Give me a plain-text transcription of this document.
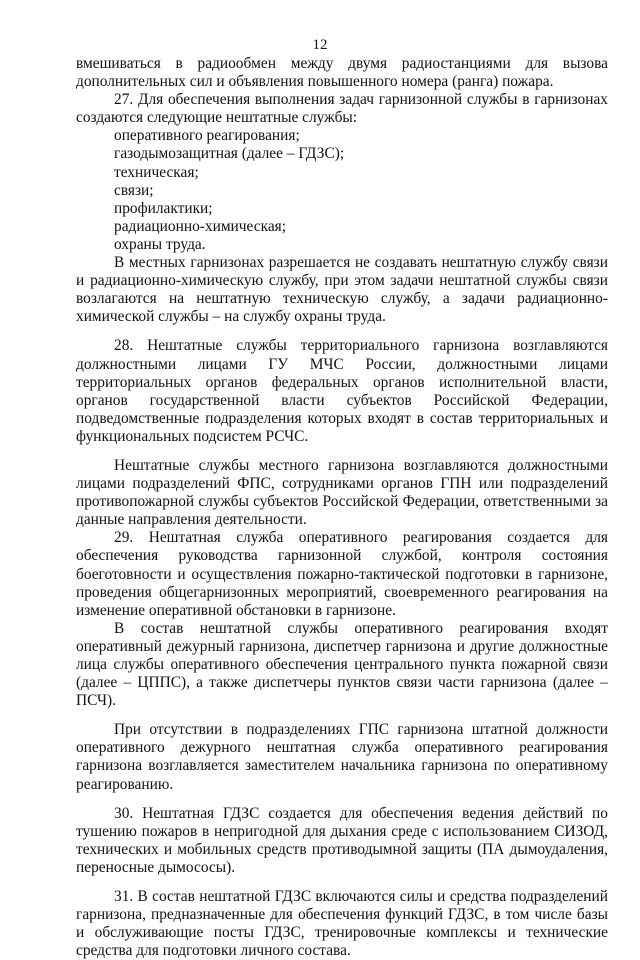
12

вмешиваться в радиообмен между двумя радиостанциями для вызова дополнительных сил и объявления повышенного номера (ранга) пожара.

27. Для обеспечения выполнения задач гарнизонной службы в гарнизонах создаются следующие нештатные службы:

оперативного реагирования;

газодымозащитная (далее – ГДЗС);

техническая;

связи;

профилактики;

радиационно-химическая;

охраны труда.

В местных гарнизонах разрешается не создавать нештатную службу связи и радиационно-химическую службу, при этом задачи нештатной службы связи возлагаются на нештатную техническую службу, а задачи радиационно-химической службы – на службу охраны труда.

28. Нештатные службы территориального гарнизона возглавляются должностными лицами ГУ МЧС России, должностными лицами территориальных органов федеральных органов исполнительной власти, органов государственной власти субъектов Российской Федерации, подведомственные подразделения которых входят в состав территориальных и функциональных подсистем РСЧС.

Нештатные службы местного гарнизона возглавляются должностными лицами подразделений ФПС, сотрудниками органов ГПН или подразделений противопожарной службы субъектов Российской Федерации, ответственными за данные направления деятельности.

29. Нештатная служба оперативного реагирования создается для обеспечения руководства гарнизонной службой, контроля состояния боеготовности и осуществления пожарно-тактической подготовки в гарнизоне, проведения общегарнизонных мероприятий, своевременного реагирования на изменение оперативной обстановки в гарнизоне.

В состав нештатной службы оперативного реагирования входят оперативный дежурный гарнизона, диспетчер гарнизона и другие должностные лица службы оперативного обеспечения центрального пункта пожарной связи (далее – ЦППС), а также диспетчеры пунктов связи части гарнизона (далее – ПСЧ).

При отсутствии в подразделениях ГПС гарнизона штатной должности оперативного дежурного нештатная служба оперативного реагирования гарнизона возглавляется заместителем начальника гарнизона по оперативному реагированию.

30. Нештатная ГДЗС создается для обеспечения ведения действий по тушению пожаров в непригодной для дыхания среде с использованием СИЗОД, технических и мобильных средств противодымной защиты (ПА дымоудаления, переносные дымососы).

31. В состав нештатной ГДЗС включаются силы и средства подразделений гарнизона, предназначенные для обеспечения функций ГДЗС, в том числе базы и обслуживающие посты ГДЗС, тренировочные комплексы и технические средства для подготовки личного состава.
